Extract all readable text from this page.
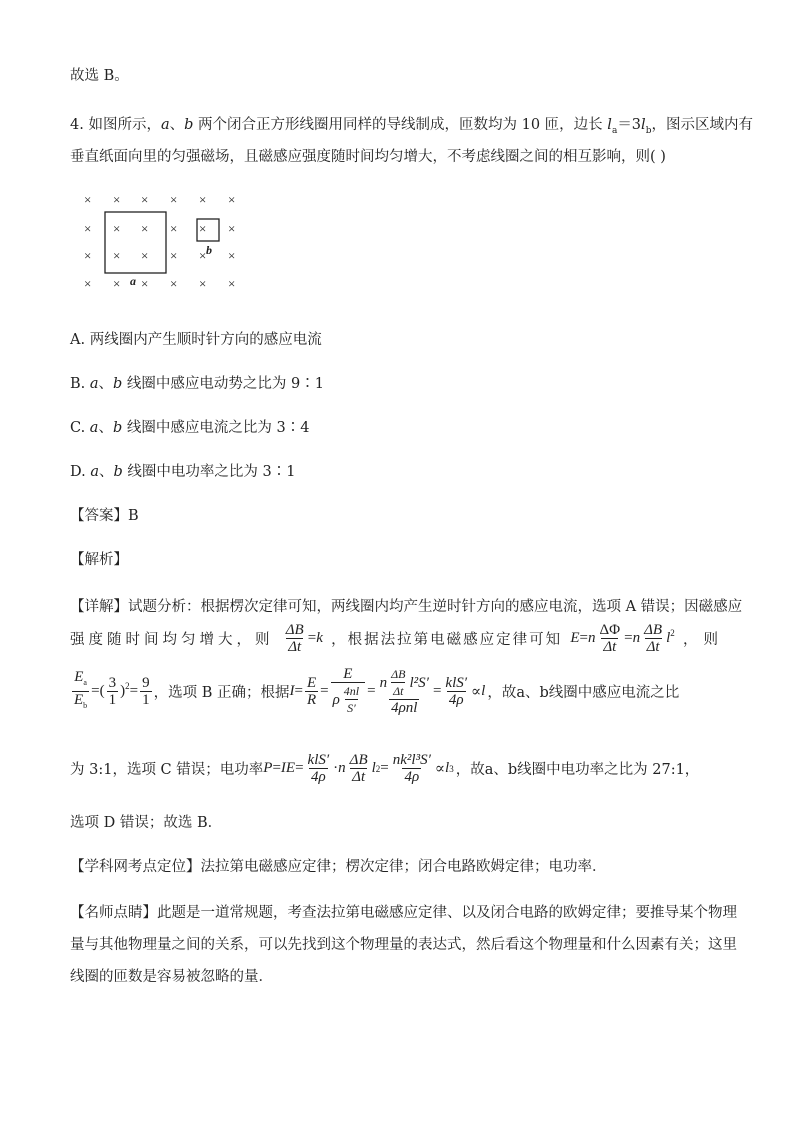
故选 B。
4. 如图所示，a、b 两个闭合正方形线圈用同样的导线制成，匝数均为 10 匝，边长 $l_a=3l_b$，图示区域内有
垂直纸面向里的匀强磁场，且磁感应强度随时间均匀增大，不考虑线圈之间的相互影响，则( )
× × × × × ×
× × × × × ×
× × × × × ×
× × × × × ×
a
b
A. 两线圈内产生顺时针方向的感应电流
B. a、b 线圈中感应电动势之比为 9∶1
C. a、b 线圈中感应电流之比为 3∶4
D. a、b 线圈中电功率之比为 3∶1
【答案】B
【解析】
【详解】试题分析：根据楞次定律可知，两线圈内均产生逆时针方向的感应电流，选项 A 错误；因磁感应
强度随时间均匀增大，则 $\frac{\Delta B}{\Delta t} =k$ ，根据法拉第电磁感应定律可知 $E=n \frac{\Delta\Phi}{\Delta t} =n \frac{\Delta B}{\Delta t} l^2$ ，则
$\frac{E_a}{E_b}$ =( $\frac{3}{1} )^2= \frac{9}{1}$ ，选项 B 正确；根据 $I = \frac{E}{R} = \frac{E}{\rho \frac{4nl}{S'}} = \frac{n \frac{\Delta B}{\Delta t} l^2S'}{\text{4ρnl}} = \frac{\text{klS′}}{4\rho} \propto l$ ，故a、b线圈中感应电流之比
为 3:1，选项 C 错误；电功率 P = IE = $\frac{\text{klS′}}{4\rho} \cdot n \frac{\Delta B}{\Delta t}$ l $2 = \frac{\text{nk²l³S′}}{4\rho} \propto l$ 3 ，故a、b线圈中电功率之比为 27:1，
选项 D 错误；故选 B．
【学科网考点定位】法拉第电磁感应定律；楞次定律；闭合电路欧姆定律；电功率．
【名师点睛】此题是一道常规题，考查法拉第电磁感应定律、以及闭合电路的欧姆定律；要推导某个物理
量与其他物理量之间的关系，可以先找到这个物理量的表达式，然后看这个物理量和什么因素有关；这里
线圈的匝数是容易被忽略的量．
